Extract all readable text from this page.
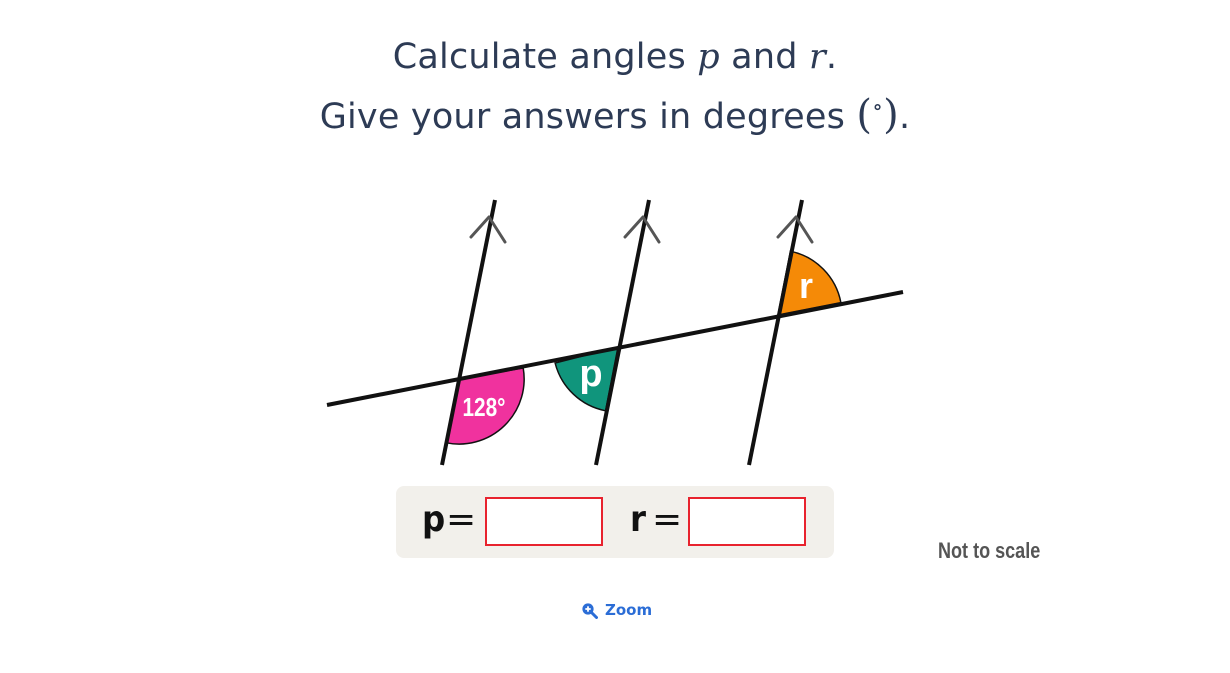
Calculate angles p and r.
Give your answers in degrees (∘).
128°
p
r
p =	r =
Not to scale
Zoom
